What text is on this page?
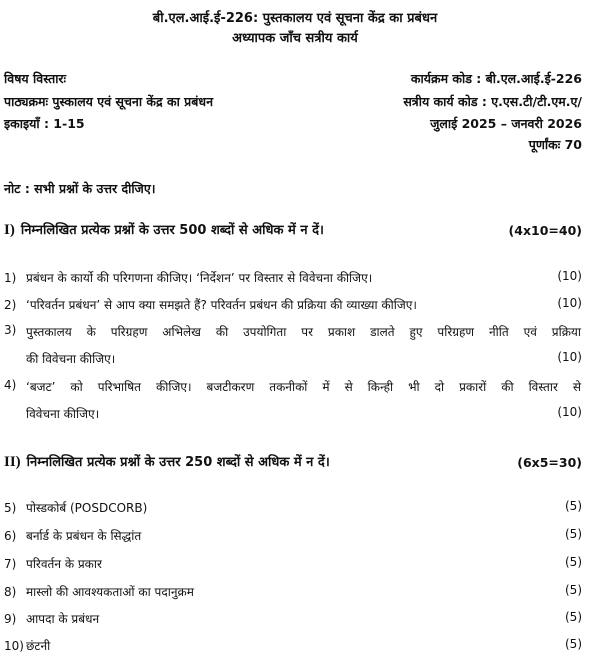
बी.एल.आई.ई-226: पुस्तकालय एवं सूचना केंद्र का प्रबंधन
अध्यापक जाँच सत्रीय कार्य
विषय विस्तारः
पाठ्यक्रमः पुस्कालय एवं सूचना केंद्र का प्रबंधन
इकाइयाँ : 1-15
कार्यक्रम कोड : बी.एल.आई.ई-226
सत्रीय कार्य कोड : ए.एस.टी/टी.एम.ए/
जुलाई 2025 – जनवरी 2026
पूर्णांकः 70
नोट : सभी प्रश्नों के उत्तर दीजिए।
I) निम्नलिखित प्रत्येक प्रश्नों के उत्तर 500 शब्दों से अधिक में न दें।	(4x10=40)
1) प्रबंधन के कार्यो की परिगणना कीजिए। ‘निर्देशन’ पर विस्तार से विवेचना कीजिए।	(10)
2) ‘परिवर्तन प्रबंधन’ से आप क्या समझते हैं? परिवर्तन प्रबंधन की प्रक्रिया की व्याख्या कीजिए।	(10)
3) पुस्तकालय के परिग्रहण अभिलेख की उपयोगिता पर प्रकाश डालते हुए परिग्रहण नीति एवं प्रक्रिया
की विवेचना कीजिए।	(10)
4) ‘बजट’ को परिभाषित कीजिए। बजटीकरण तकनीकों में से किन्ही भी दो प्रकारों की विस्तार से
विवेचना कीजिए।	(10)
II) निम्नलिखित प्रत्येक प्रश्नों के उत्तर 250 शब्दों से अधिक में न दें।	(6x5=30)
5) पोस्डकोर्ब (POSDCORB)	(5)
6) बर्नार्ड के प्रबंधन के सिद्धांत	(5)
7) परिवर्तन के प्रकार	(5)
8) मास्लो की आवश्यकताओं का पदानुक्रम	(5)
9) आपदा के प्रबंधन	(5)
10) छंटनी	(5)
